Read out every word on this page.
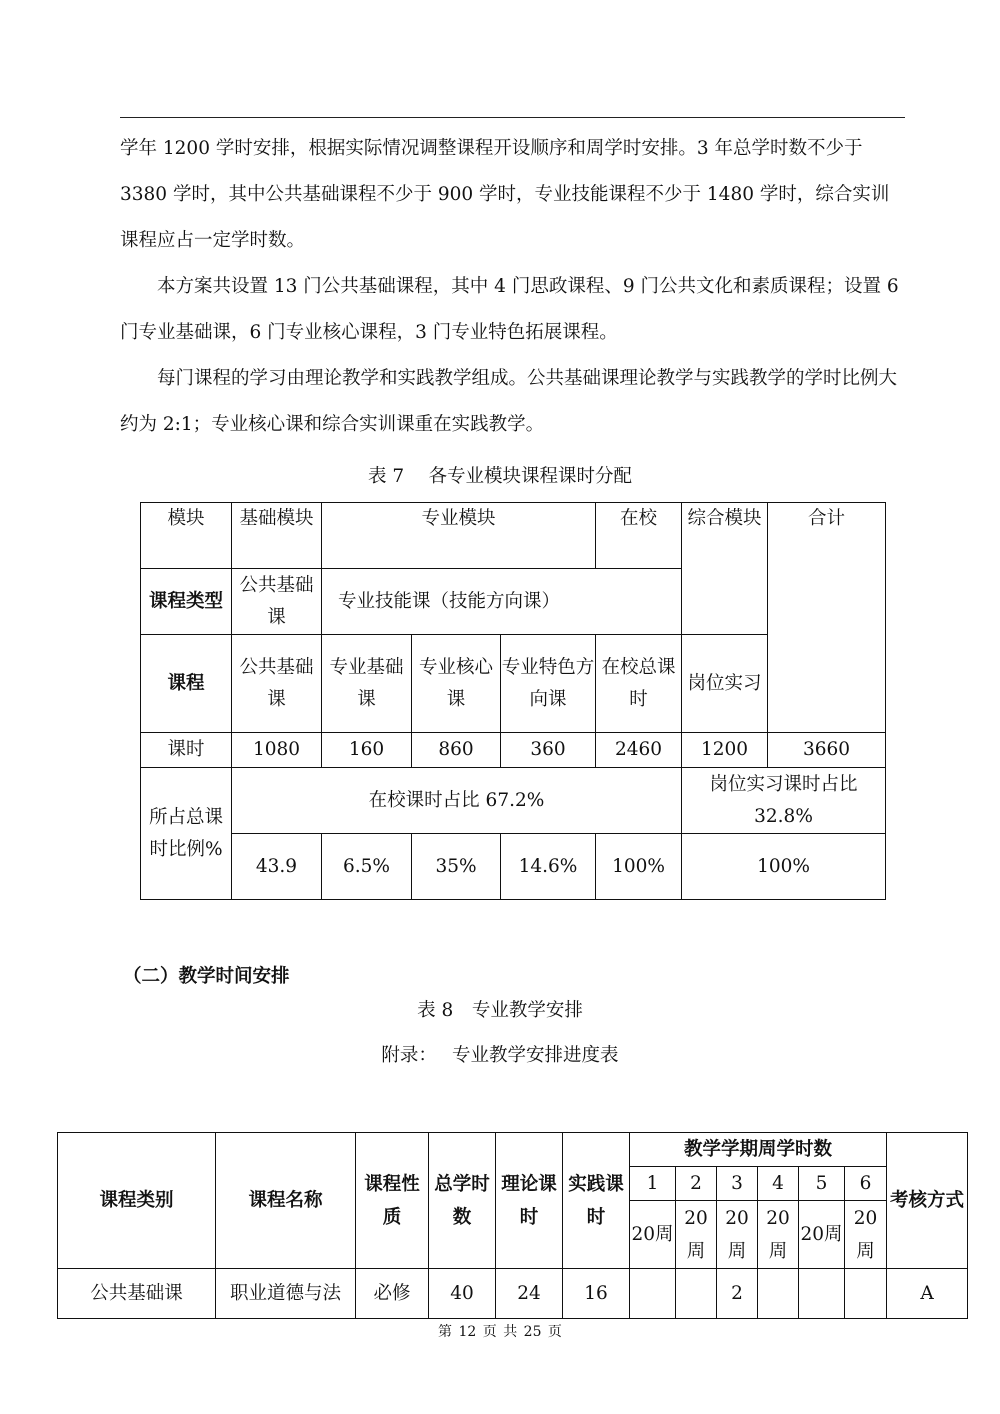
学年 1200 学时安排，根据实际情况调整课程开设顺序和周学时安排。3 年总学时数不少于 3380 学时，其中公共基础课程不少于 900 学时，专业技能课程不少于 1480 学时，综合实训课程应占一定学时数。

本方案共设置 13 门公共基础课程，其中 4 门思政课程、9 门公共文化和素质课程；设置 6 门专业基础课，6 门专业核心课程，3 门专业特色拓展课程。

每门课程的学习由理论教学和实践教学组成。公共基础课理论教学与实践教学的学时比例大约为 2:1；专业核心课和综合实训课重在实践教学。

表 7　 各专业模块课程课时分配

模块	基础模块	专业模块			在校	综合模块	合计
课程类型	公共基础课	专业技能课（技能方向课）					
课程	公共基础课	专业基础课	专业核心课	专业特色方向课	在校总课时	岗位实习	
课时	1080	160	860	360	2460	1200	3660
所占总课时比例%	在校课时占比 67.2%					岗位实习课时占比 32.8%	
	43.9	6.5%	35%	14.6%	100%	100%	

（二）教学时间安排

表 8　专业教学安排

附录：　 专业教学安排进度表

课程类别	课程名称	课程性质	总学时数	理论课时	实践课时	教学学期周学时数						考核方式
						1	2	3	4	5	6	
						20周	20周	20周	20周	20周	20周	
公共基础课	职业道德与法	必修	40	24	16			2				A

第 12 页 共 25 页
